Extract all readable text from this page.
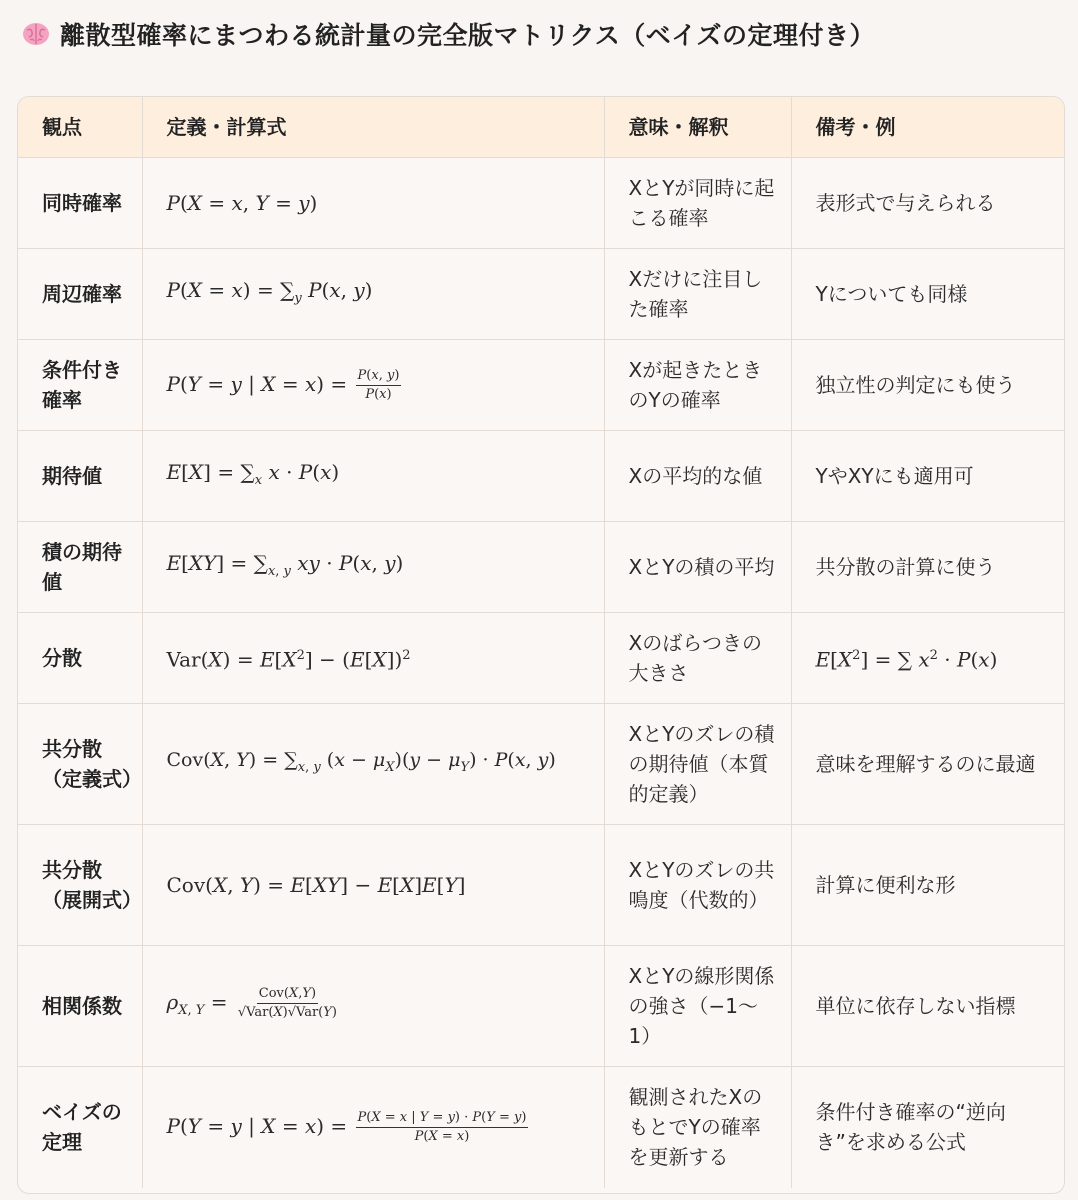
離散型確率にまつわる統計量の完全版マトリクス（ベイズの定理付き）
観点	定義・計算式	意味・解釈	備考・例
同時確率	P(X = x, Y = y)	XとYが同時に起こる確率	表形式で与えられる
周辺確率	$P(X = x) = \sum_y$ P(x, y)	Xだけに注目した確率	Yについても同様
条件付き確率	P(Y = y | $X = x) = \frac{P(x, y)}{P(x)}$	Xが起きたときのYの確率	独立性の判定にも使う
期待値	$E[X] = \sum_x$ x · P(x)	Xの平均的な値	YやXYにも適用可
積の期待値	$E[XY] = \sum_{x, y}$ xy · P(x, y)	XとYの積の平均	共分散の計算に使う
分散	$Var(X) = E[X^2] - (E[X])^2$	Xのばらつきの大きさ	$E[X^2]$ = ∑ $x^2 \cdot P(x)$
共分散（定義式）	Cov(X, $Y) = \sum_{x, y}$ $(x - \mu_X)(y - \mu_Y) \cdot P(x$, y)	XとYのズレの積の期待値（本質的定義）	意味を理解するのに最適
共分散（展開式）	Cov(X, Y) = E[XY] − E[X]E[Y]	XとYのズレの共鳴度（代数的）	計算に便利な形
相関係数	$\rho_{X, Y} = \frac{\text{Cov(X,Y)}}{\text{√Var(X)√Var(Y)}}$	XとYの線形関係の強さ（−1〜1）	単位に依存しない指標
ベイズの定理	P(Y = y | $X = x) = \frac{P(X = x | Y = y) \cdot P(Y = y)}{P(X = x)}$	観測されたXのもとでYの確率を更新する	条件付き確率の“逆向き”を求める公式
